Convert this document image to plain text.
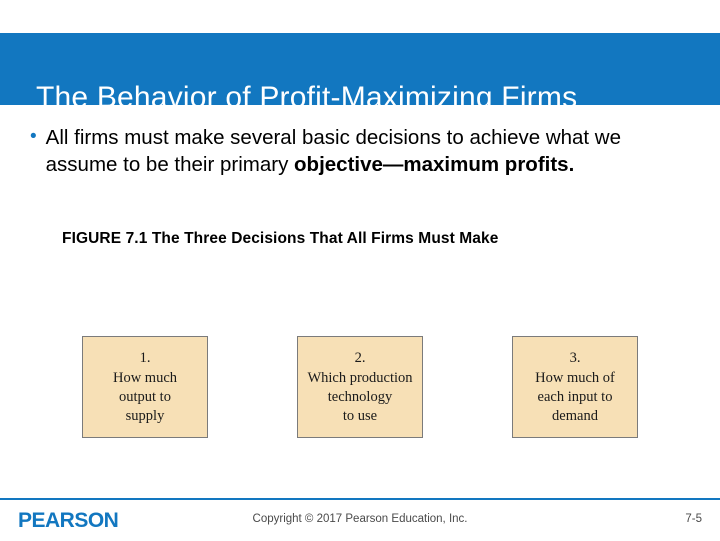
The Behavior of Profit-Maximizing Firms
• All firms must make several basic decisions to achieve what we assume to be their primary objective—maximum profits.
FIGURE 7.1 The Three Decisions That All Firms Must Make
1.
How much
output to
supply
2.
Which production
technology
to use
3.
How much of
each input to
demand
PEARSON	Copyright © 2017 Pearson Education, Inc.	7-5
